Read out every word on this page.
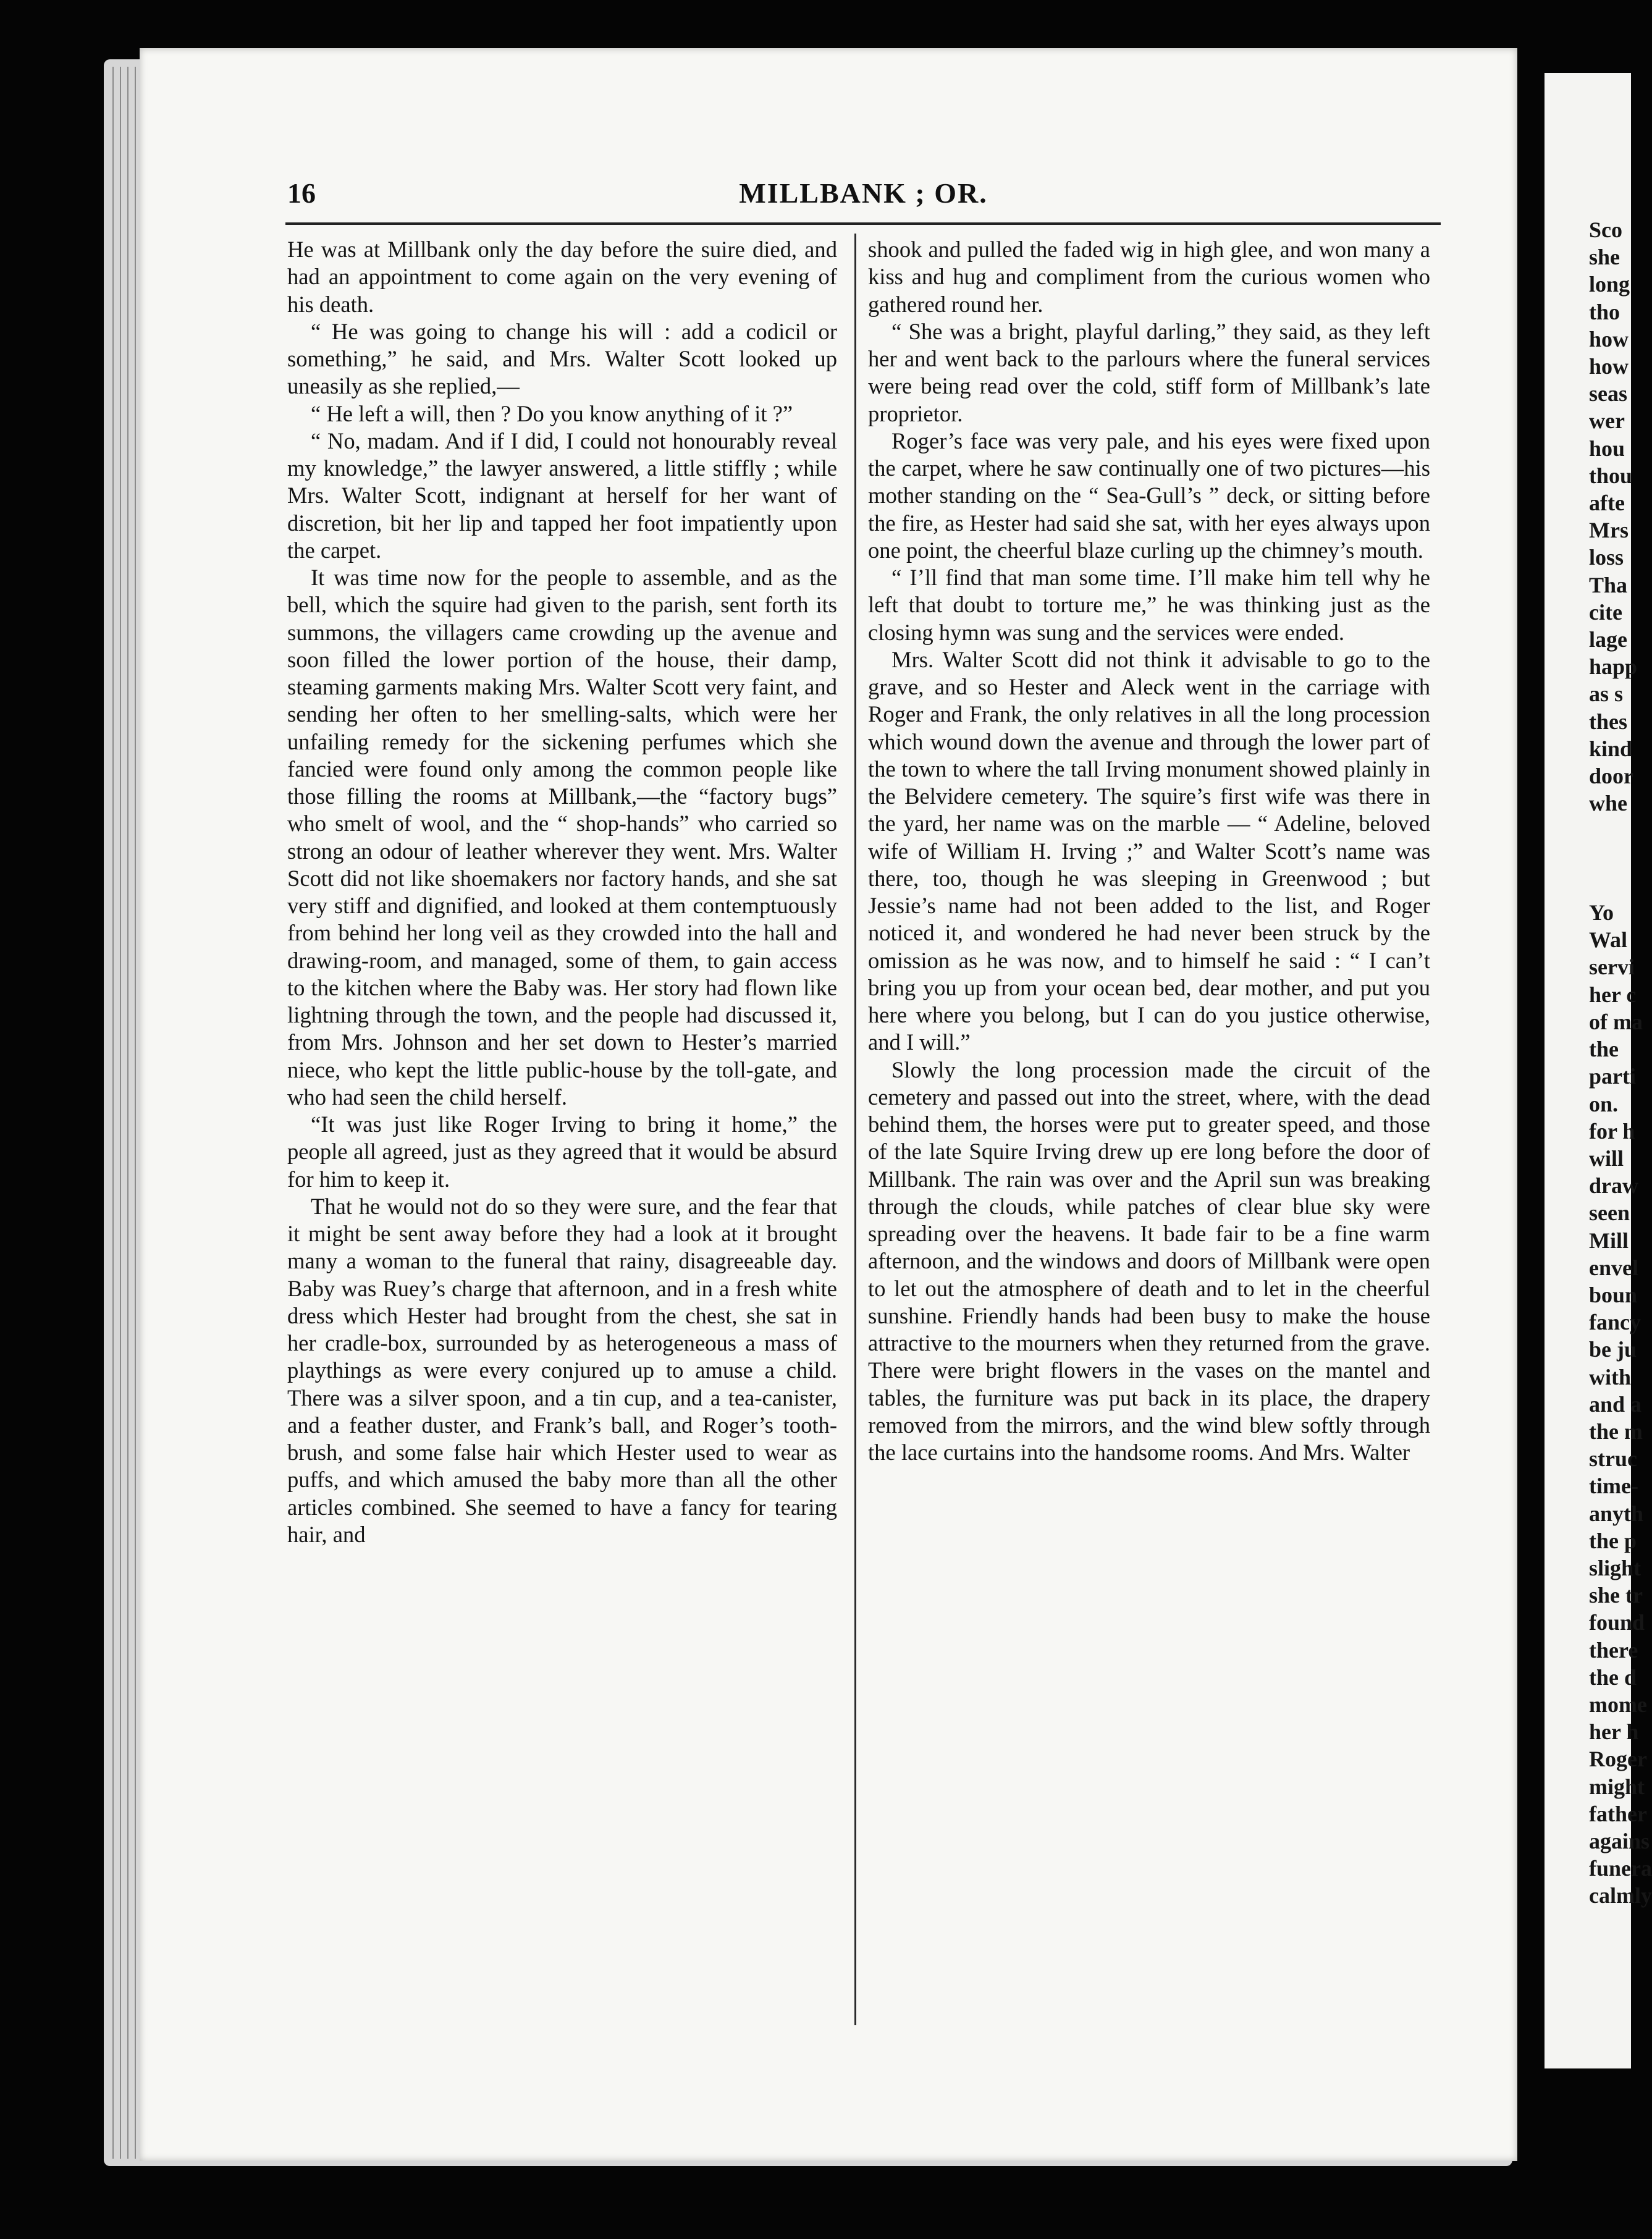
Sco
she
long
tho
how
how
seas
wer
hou
thou
afte
Mrs
loss
Tha
cite
lage
happ
as s
thes
kind
door
whe

Yo
Wal
servi
her c
of ma
the
parti
on.
for h
will
draw
seen
Mill
envel
boun
fancy
be ju
with
and a
the m
struc
time-
anyth
the p
slight
she tr
found
there
the d
mome
her h
Roger
might
father
agains
funera
calmly
16	MILLBANK ; OR.

He was at Millbank only the day before the suire died, and had an appointment to come again on the very evening of his death.

“ He was going to change his will : add a codicil or something,” he said, and Mrs. Walter Scott looked up uneasily as she replied,—

“ He left a will, then ? Do you know anything of it ?”

“ No, madam. And if I did, I could not honourably reveal my knowledge,” the lawyer answered, a little stiffly ; while Mrs. Walter Scott, indignant at herself for her want of discretion, bit her lip and tapped her foot impatiently upon the carpet.

It was time now for the people to assemble, and as the bell, which the squire had given to the parish, sent forth its summons, the villagers came crowding up the avenue and soon filled the lower portion of the house, their damp, steaming garments making Mrs. Walter Scott very faint, and sending her often to her smelling-salts, which were her unfailing remedy for the sickening perfumes which she fancied were found only among the common people like those filling the rooms at Millbank,—the “factory bugs” who smelt of wool, and the “ shop-hands” who carried so strong an odour of leather wherever they went. Mrs. Walter Scott did not like shoemakers nor factory hands, and she sat very stiff and dignified, and looked at them contemptuously from behind her long veil as they crowded into the hall and drawing-room, and managed, some of them, to gain access to the kitchen where the Baby was. Her story had flown like lightning through the town, and the people had discussed it, from Mrs. Johnson and her set down to Hester’s married niece, who kept the little public-house by the toll-gate, and who had seen the child herself.

“It was just like Roger Irving to bring it home,” the people all agreed, just as they agreed that it would be absurd for him to keep it.

That he would not do so they were sure, and the fear that it might be sent away before they had a look at it brought many a woman to the funeral that rainy, disagreeable day. Baby was Ruey’s charge that afternoon, and in a fresh white dress which Hester had brought from the chest, she sat in her cradle-box, surrounded by as heterogeneous a mass of playthings as were every conjured up to amuse a child. There was a silver spoon, and a tin cup, and a tea-canister, and a feather duster, and Frank’s ball, and Roger’s tooth-brush, and some false hair which Hester used to wear as puffs, and which amused the baby more than all the other articles combined. She seemed to have a fancy for tearing hair, and

shook and pulled the faded wig in high glee, and won many a kiss and hug and compliment from the curious women who gathered round her.

“ She was a bright, playful darling,” they said, as they left her and went back to the parlours where the funeral services were being read over the cold, stiff form of Millbank’s late proprietor.

Roger’s face was very pale, and his eyes were fixed upon the carpet, where he saw continually one of two pictures—his mother standing on the “ Sea-Gull’s ” deck, or sitting before the fire, as Hester had said she sat, with her eyes always upon one point, the cheerful blaze curling up the chimney’s mouth.

“ I’ll find that man some time. I’ll make him tell why he left that doubt to torture me,” he was thinking just as the closing hymn was sung and the services were ended.

Mrs. Walter Scott did not think it advisable to go to the grave, and so Hester and Aleck went in the carriage with Roger and Frank, the only relatives in all the long procession which wound down the avenue and through the lower part of the town to where the tall Irving monument showed plainly in the Belvidere cemetery. The squire’s first wife was there in the yard, her name was on the marble — “ Adeline, beloved wife of William H. Irving ;” and Walter Scott’s name was there, too, though he was sleeping in Greenwood ; but Jessie’s name had not been added to the list, and Roger noticed it, and wondered he had never been struck by the omission as he was now, and to himself he said : “ I can’t bring you up from your ocean bed, dear mother, and put you here where you belong, but I can do you justice otherwise, and I will.”

Slowly the long procession made the circuit of the cemetery and passed out into the street, where, with the dead behind them, the horses were put to greater speed, and those of the late Squire Irving drew up ere long before the door of Millbank. The rain was over and the April sun was breaking through the clouds, while patches of clear blue sky were spreading over the heavens. It bade fair to be a fine warm afternoon, and the windows and doors of Millbank were open to let out the atmosphere of death and to let in the cheerful sunshine. Friendly hands had been busy to make the house attractive to the mourners when they returned from the grave. There were bright flowers in the vases on the mantel and tables, the furniture was put back in its place, the drapery removed from the mirrors, and the wind blew softly through the lace curtains into the handsome rooms. And Mrs. Walter
